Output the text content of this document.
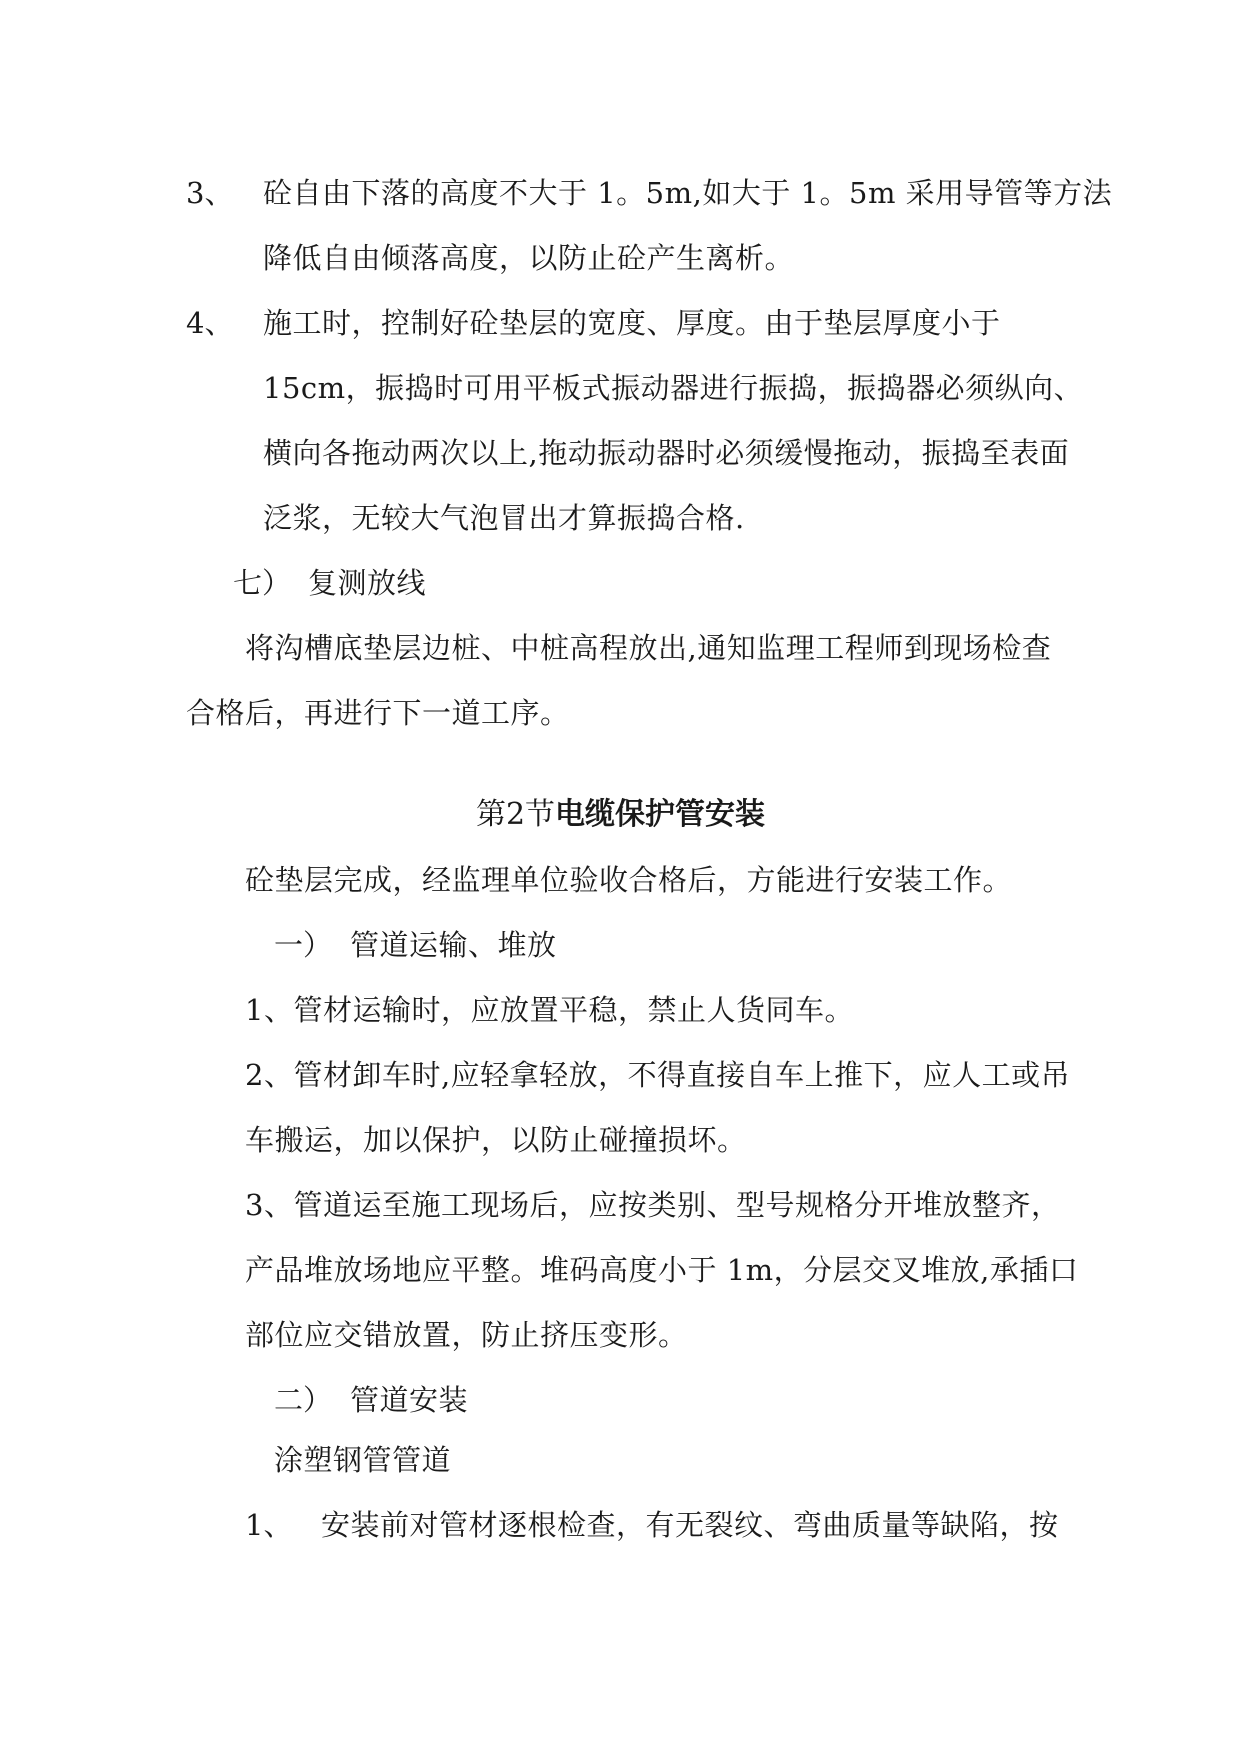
3、 砼自由下落的高度不大于 1。5m,如大于 1。5m 采用导管等方法
降低自由倾落高度，以防止砼产生离析。
4、 施工时，控制好砼垫层的宽度、厚度。由于垫层厚度小于
15cm，振捣时可用平板式振动器进行振捣，振捣器必须纵向、
横向各拖动两次以上,拖动振动器时必须缓慢拖动，振捣至表面
泛浆，无较大气泡冒出才算振捣合格.
七） 复测放线
将沟槽底垫层边桩、中桩高程放出,通知监理工程师到现场检查
合格后，再进行下一道工序。
第2节电缆保护管安装
砼垫层完成，经监理单位验收合格后，方能进行安装工作。
一） 管道运输、堆放
1、管材运输时，应放置平稳，禁止人货同车。
2、管材卸车时,应轻拿轻放，不得直接自车上推下，应人工或吊
车搬运，加以保护，以防止碰撞损坏。
3、管道运至施工现场后，应按类别、型号规格分开堆放整齐，
产品堆放场地应平整。堆码高度小于 1m，分层交叉堆放,承插口
部位应交错放置，防止挤压变形。
二） 管道安装
涂塑钢管管道
1、 安装前对管材逐根检查，有无裂纹、弯曲质量等缺陷，按
